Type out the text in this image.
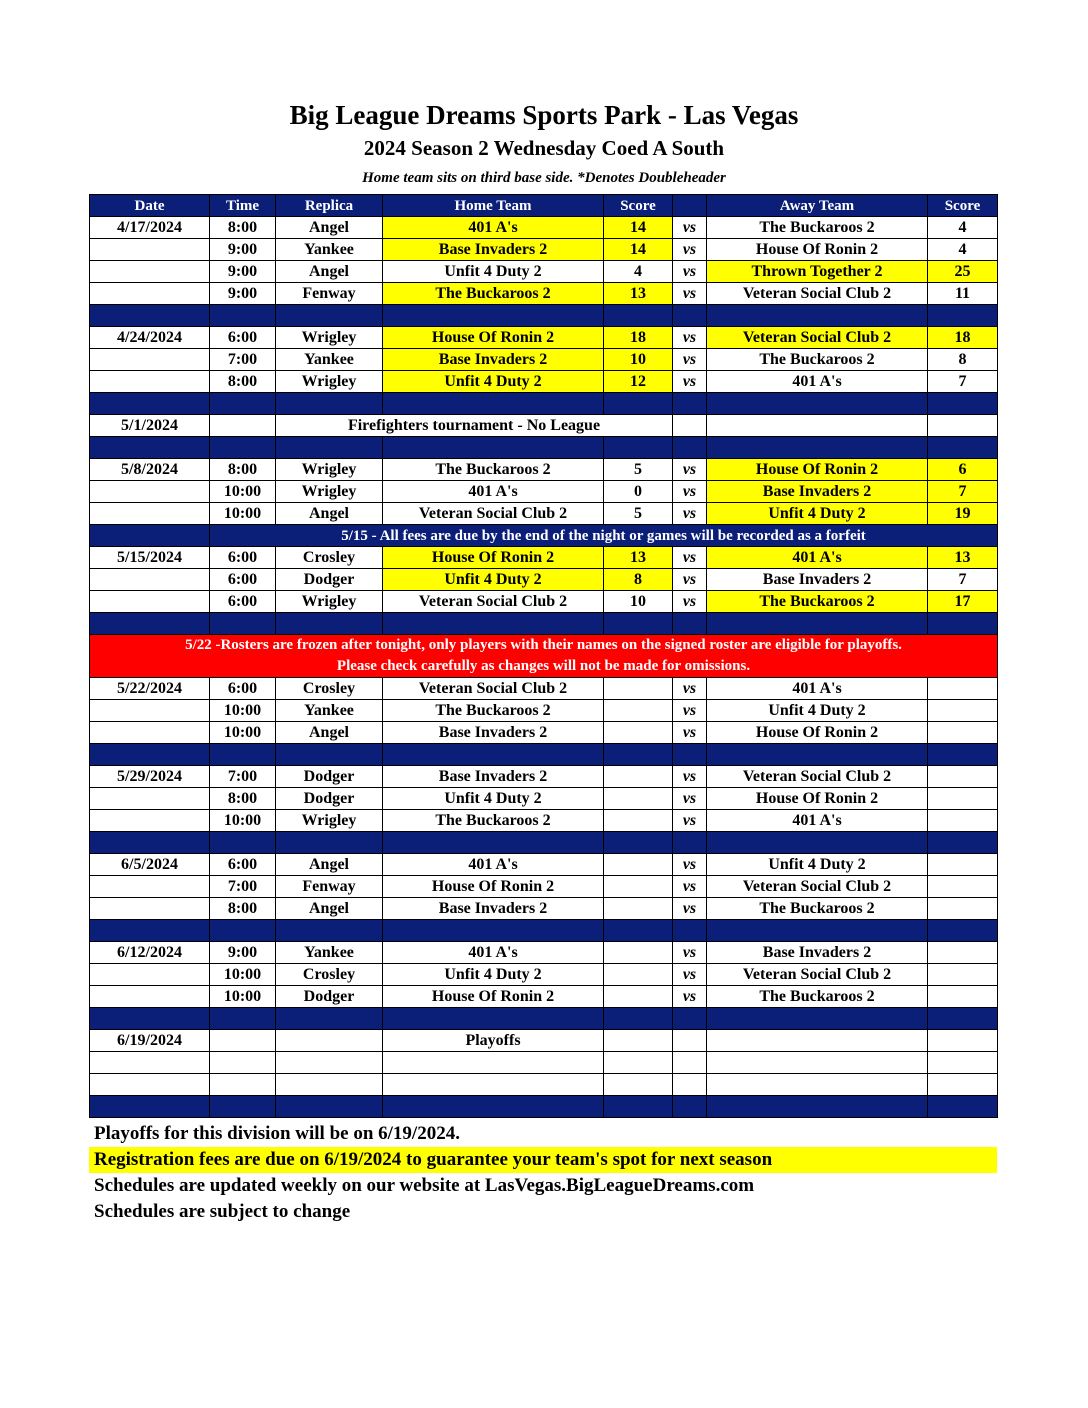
Big League Dreams Sports Park - Las Vegas
2024 Season 2 Wednesday Coed A South
Home team sits on third base side. *Denotes Doubleheader
Date	Time	Replica	Home Team	Score		Away Team	Score
4/17/2024	8:00	Angel	401 A's	14	vs	The Buckaroos 2	4
	9:00	Yankee	Base Invaders 2	14	vs	House Of Ronin 2	4
	9:00	Angel	Unfit 4 Duty 2	4	vs	Thrown Together 2	25
	9:00	Fenway	The Buckaroos 2	13	vs	Veteran Social Club 2	11

4/24/2024	6:00	Wrigley	House Of Ronin 2	18	vs	Veteran Social Club 2	18
	7:00	Yankee	Base Invaders 2	10	vs	The Buckaroos 2	8
	8:00	Wrigley	Unfit 4 Duty 2	12	vs	401 A's	7

5/1/2024		Firefighters tournament - No League					

5/8/2024	8:00	Wrigley	The Buckaroos 2	5	vs	House Of Ronin 2	6
	10:00	Wrigley	401 A's	0	vs	Base Invaders 2	7
	10:00	Angel	Veteran Social Club 2	5	vs	Unfit 4 Duty 2	19
	5/15 - All fees are due by the end of the night or games will be recorded as a forfeit						
5/15/2024	6:00	Crosley	House Of Ronin 2	13	vs	401 A's	13
	6:00	Dodger	Unfit 4 Duty 2	8	vs	Base Invaders 2	7
	6:00	Wrigley	Veteran Social Club 2	10	vs	The Buckaroos 2	17

5/22 -Rosters are frozen after tonight, only players with their names on the signed roster are eligible for playoffs.
Please check carefully as changes will not be made for omissions.							

5/22/2024	6:00	Crosley	Veteran Social Club 2		vs	401 A's	
	10:00	Yankee	The Buckaroos 2		vs	Unfit 4 Duty 2	
	10:00	Angel	Base Invaders 2		vs	House Of Ronin 2	

5/29/2024	7:00	Dodger	Base Invaders 2		vs	Veteran Social Club 2	
	8:00	Dodger	Unfit 4 Duty 2		vs	House Of Ronin 2	
	10:00	Wrigley	The Buckaroos 2		vs	401 A's	

6/5/2024	6:00	Angel	401 A's		vs	Unfit 4 Duty 2	
	7:00	Fenway	House Of Ronin 2		vs	Veteran Social Club 2	
	8:00	Angel	Base Invaders 2		vs	The Buckaroos 2	

6/12/2024	9:00	Yankee	401 A's		vs	Base Invaders 2	
	10:00	Crosley	Unfit 4 Duty 2		vs	Veteran Social Club 2	
	10:00	Dodger	House Of Ronin 2		vs	The Buckaroos 2	

6/19/2024			Playoffs				

Playoffs for this division will be on 6/19/2024.
Registration fees are due on 6/19/2024 to guarantee your team's spot for next season
Schedules are updated weekly on our website at LasVegas.BigLeagueDreams.com
Schedules are subject to change
